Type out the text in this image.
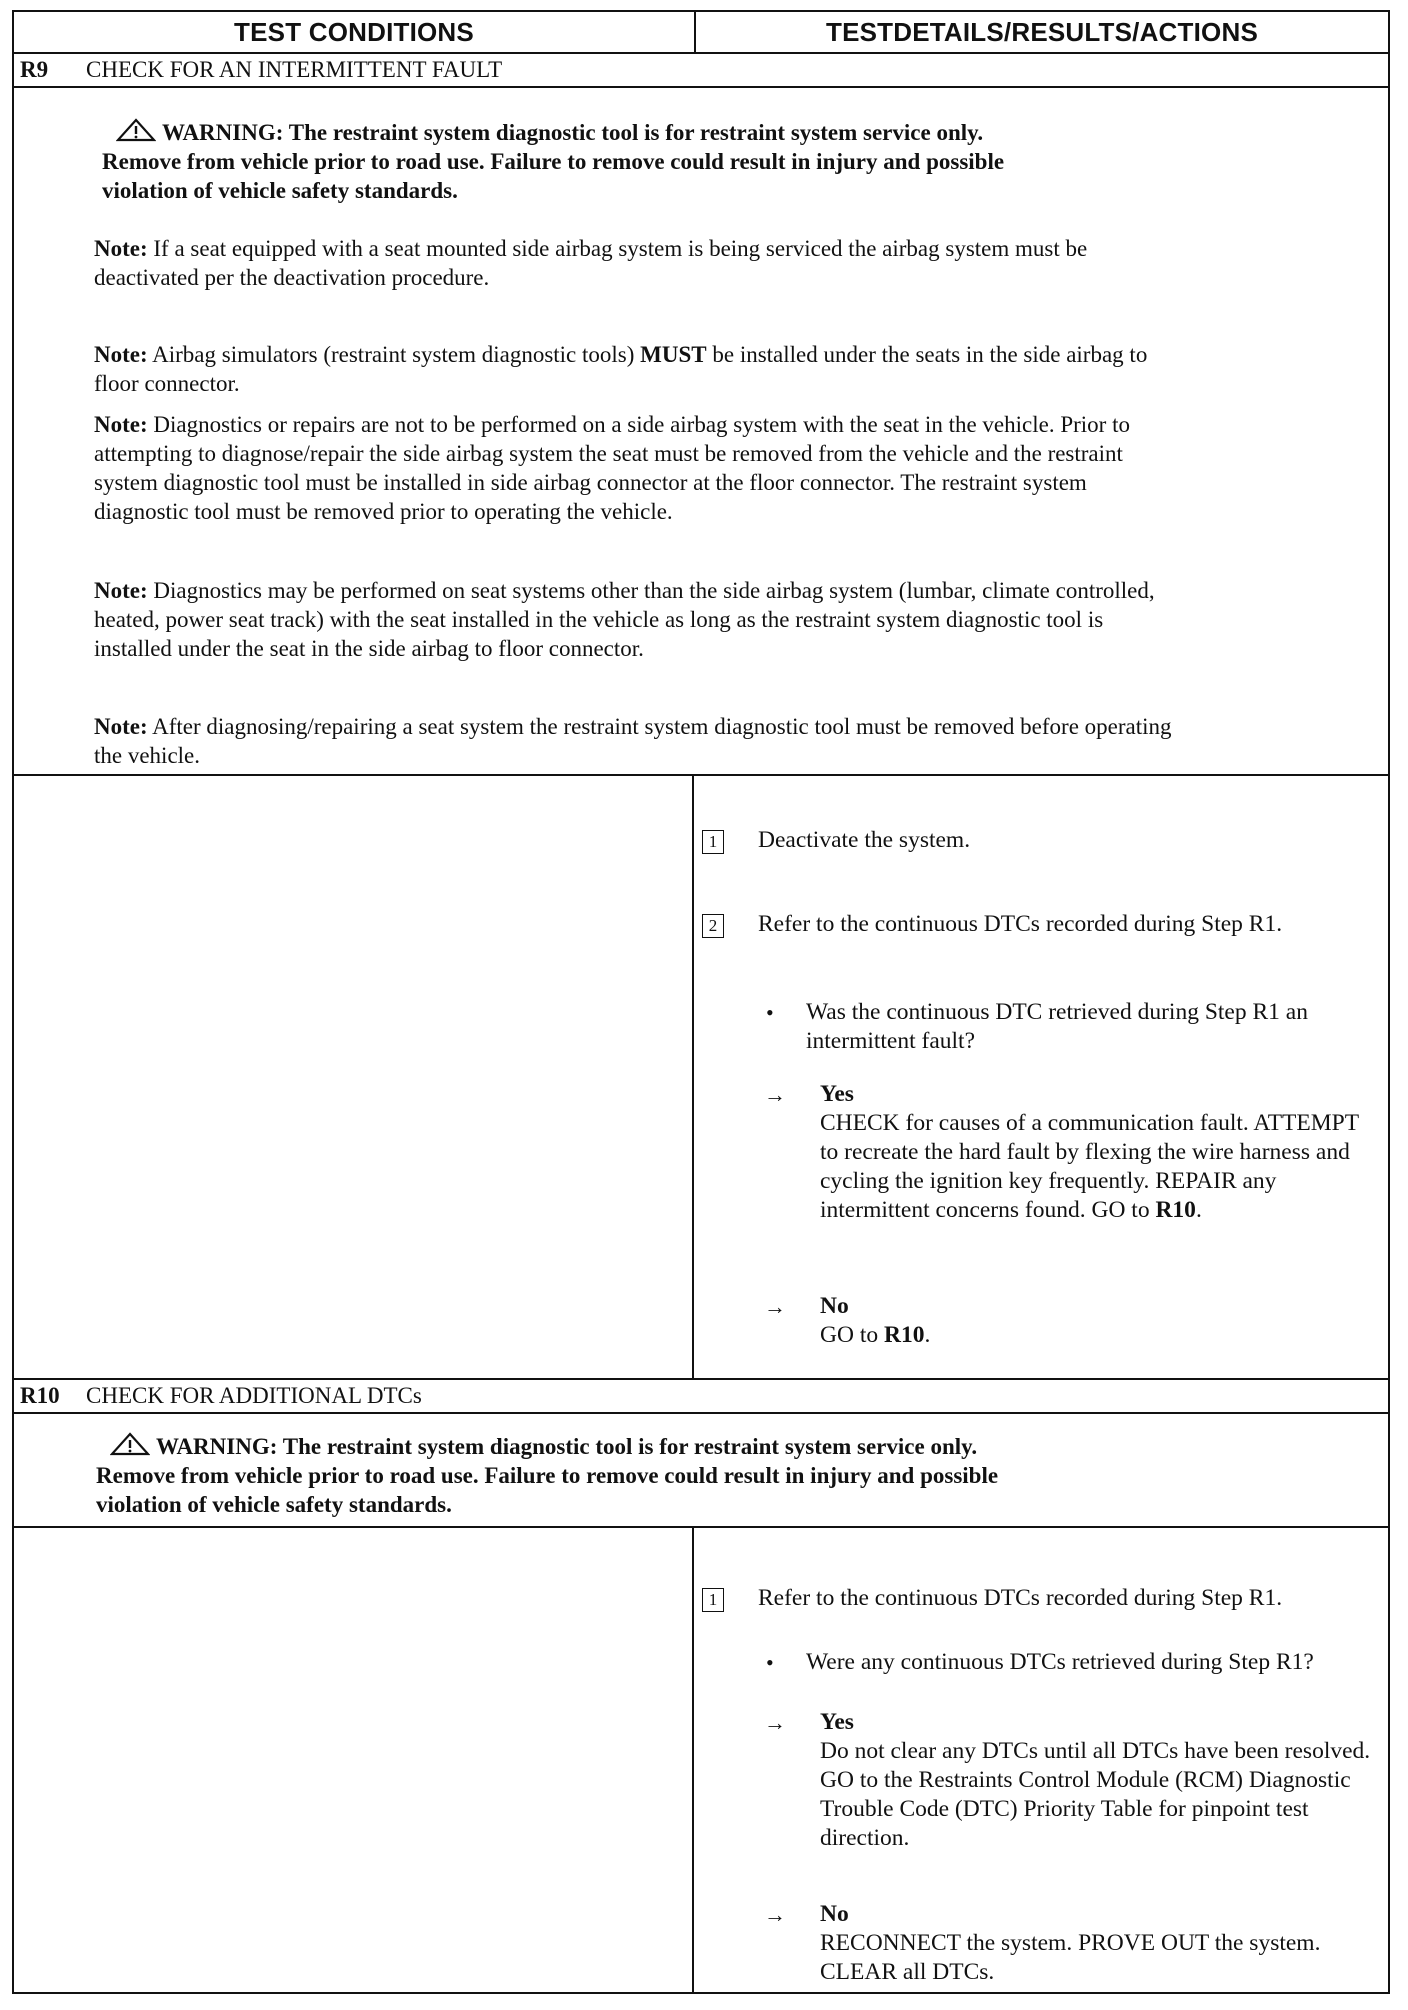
TEST CONDITIONS	TESTDETAILS/RESULTS/ACTIONS
R9	CHECK FOR AN INTERMITTENT FAULT
WARNING: The restraint system diagnostic tool is for restraint system service only.
Remove from vehicle prior to road use. Failure to remove could result in injury and possible
violation of vehicle safety standards.

Note: If a seat equipped with a seat mounted side airbag system is being serviced the airbag system must be deactivated per the deactivation procedure.

Note: Airbag simulators (restraint system diagnostic tools) MUST be installed under the seats in the side airbag to floor connector.

Note: Diagnostics or repairs are not to be performed on a side airbag system with the seat in the vehicle. Prior to attempting to diagnose/repair the side airbag system the seat must be removed from the vehicle and the restraint system diagnostic tool must be installed in side airbag connector at the floor connector. The restraint system diagnostic tool must be removed prior to operating the vehicle.

Note: Diagnostics may be performed on seat systems other than the side airbag system (lumbar, climate controlled, heated, power seat track) with the seat installed in the vehicle as long as the restraint system diagnostic tool is installed under the seat in the side airbag to floor connector.

Note: After diagnosing/repairing a seat system the restraint system diagnostic tool must be removed before operating the vehicle.

1 Deactivate the system.
2 Refer to the continuous DTCs recorded during Step R1.
• Was the continuous DTC retrieved during Step R1 an intermittent fault?
→ Yes
CHECK for causes of a communication fault. ATTEMPT to recreate the hard fault by flexing the wire harness and cycling the ignition key frequently. REPAIR any intermittent concerns found. GO to R10.
→ No
GO to R10.
R10	CHECK FOR ADDITIONAL DTCs
WARNING: The restraint system diagnostic tool is for restraint system service only.
Remove from vehicle prior to road use. Failure to remove could result in injury and possible
violation of vehicle safety standards.
1 Refer to the continuous DTCs recorded during Step R1.
• Were any continuous DTCs retrieved during Step R1?
→ Yes
Do not clear any DTCs until all DTCs have been resolved. GO to the Restraints Control Module (RCM) Diagnostic Trouble Code (DTC) Priority Table for pinpoint test direction.
→ No
RECONNECT the system. PROVE OUT the system. CLEAR all DTCs.
